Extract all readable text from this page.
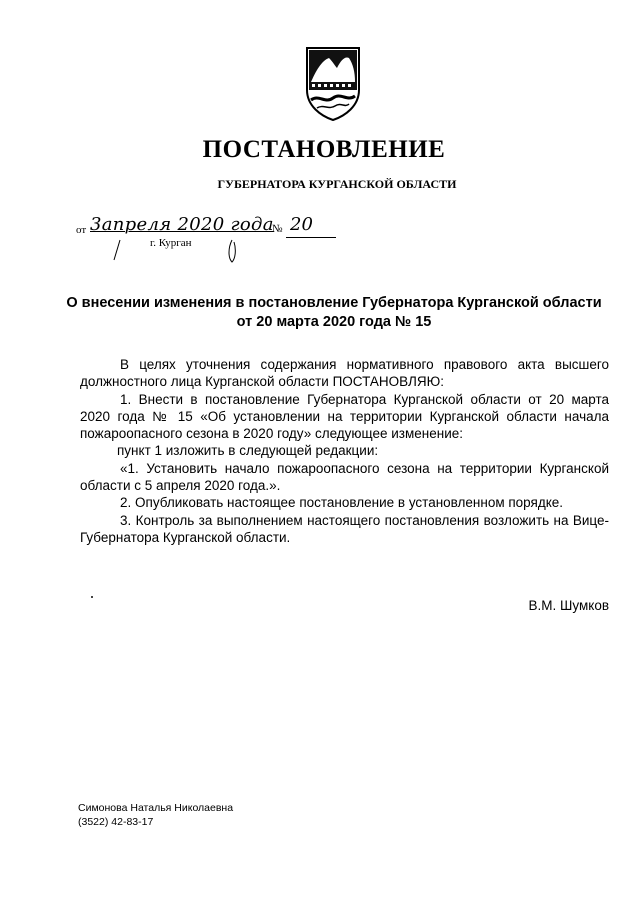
ПОСТАНОВЛЕНИЕ
ГУБЕРНАТОРА КУРГАНСКОЙ ОБЛАСТИ
от 3апреля 2020 года
№ 20
г. Курган
О внесении изменения в постановление Губернатора Курганской области
от 20 марта 2020 года № 15

В целях уточнения содержания нормативного правового акта высшего должностного лица Курганской области ПОСТАНОВЛЯЮ:

1. Внести в постановление Губернатора Курганской области от 20 марта 2020 года № 15 «Об установлении на территории Курганской области начала пожароопасного сезона в 2020 году» следующее изменение:

пункт 1 изложить в следующей редакции:

«1. Установить начало пожароопасного сезона на территории Курганской области с 5 апреля 2020 года.».

2. Опубликовать настоящее постановление в установленном порядке.

3. Контроль за выполнением настоящего постановления возложить на Вице-Губернатора Курганской области.

В.М. Шумков
Симонова Наталья Николаевна
(3522) 42-83-17
